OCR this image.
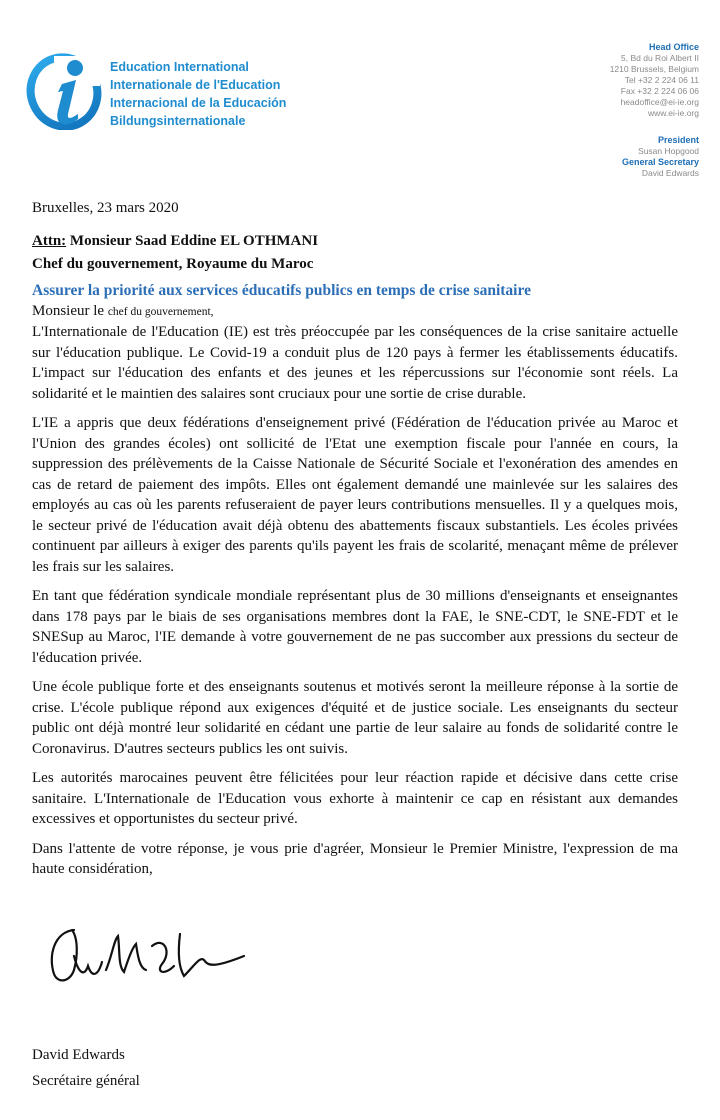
Education International
Internationale de l'Education
Internacional de la Educación
Bildungsinternationale
Head Office
5, Bd du Roi Albert II
1210 Brussels, Belgium
Tel +32 2 224 06 11
Fax +32 2 224 06 06
headoffice@ei-ie.org
www.ei-ie.org
President
Susan Hopgood
General Secretary
David Edwards
Bruxelles, 23 mars 2020
Attn: Monsieur Saad Eddine EL OTHMANI
Chef du gouvernement, Royaume du Maroc
Assurer la priorité aux services éducatifs publics en temps de crise sanitaire
Monsieur le chef du gouvernement,

L'Internationale de l'Education (IE) est très préoccupée par les conséquences de la crise sanitaire actuelle sur l'éducation publique. Le Covid-19 a conduit plus de 120 pays à fermer les établissements éducatifs. L'impact sur l'éducation des enfants et des jeunes et les répercussions sur l'économie sont réels. La solidarité et le maintien des salaires sont cruciaux pour une sortie de crise durable.

L'IE a appris que deux fédérations d'enseignement privé (Fédération de l'éducation privée au Maroc et l'Union des grandes écoles) ont sollicité de l'Etat une exemption fiscale pour l'année en cours, la suppression des prélèvements de la Caisse Nationale de Sécurité Sociale et l'exonération des amendes en cas de retard de paiement des impôts. Elles ont également demandé une mainlevée sur les salaires des employés au cas où les parents refuseraient de payer leurs contributions mensuelles. Il y a quelques mois, le secteur privé de l'éducation avait déjà obtenu des abattements fiscaux substantiels. Les écoles privées continuent par ailleurs à exiger des parents qu'ils payent les frais de scolarité, menaçant même de prélever les frais sur les salaires.

En tant que fédération syndicale mondiale représentant plus de 30 millions d'enseignants et enseignantes dans 178 pays par le biais de ses organisations membres dont la FAE, le SNE-CDT, le SNE-FDT et le SNESup au Maroc, l'IE demande à votre gouvernement de ne pas succomber aux pressions du secteur de l'éducation privée.

Une école publique forte et des enseignants soutenus et motivés seront la meilleure réponse à la sortie de crise. L'école publique répond aux exigences d'équité et de justice sociale. Les enseignants du secteur public ont déjà montré leur solidarité en cédant une partie de leur salaire au fonds de solidarité contre le Coronavirus. D'autres secteurs publics les ont suivis.

Les autorités marocaines peuvent être félicitées pour leur réaction rapide et décisive dans cette crise sanitaire. L'Internationale de l'Education vous exhorte à maintenir ce cap en résistant aux demandes excessives et opportunistes du secteur privé.

Dans l'attente de votre réponse, je vous prie d'agréer, Monsieur le Premier Ministre, l'expression de ma haute considération,

David Edwards
Secrétaire général
